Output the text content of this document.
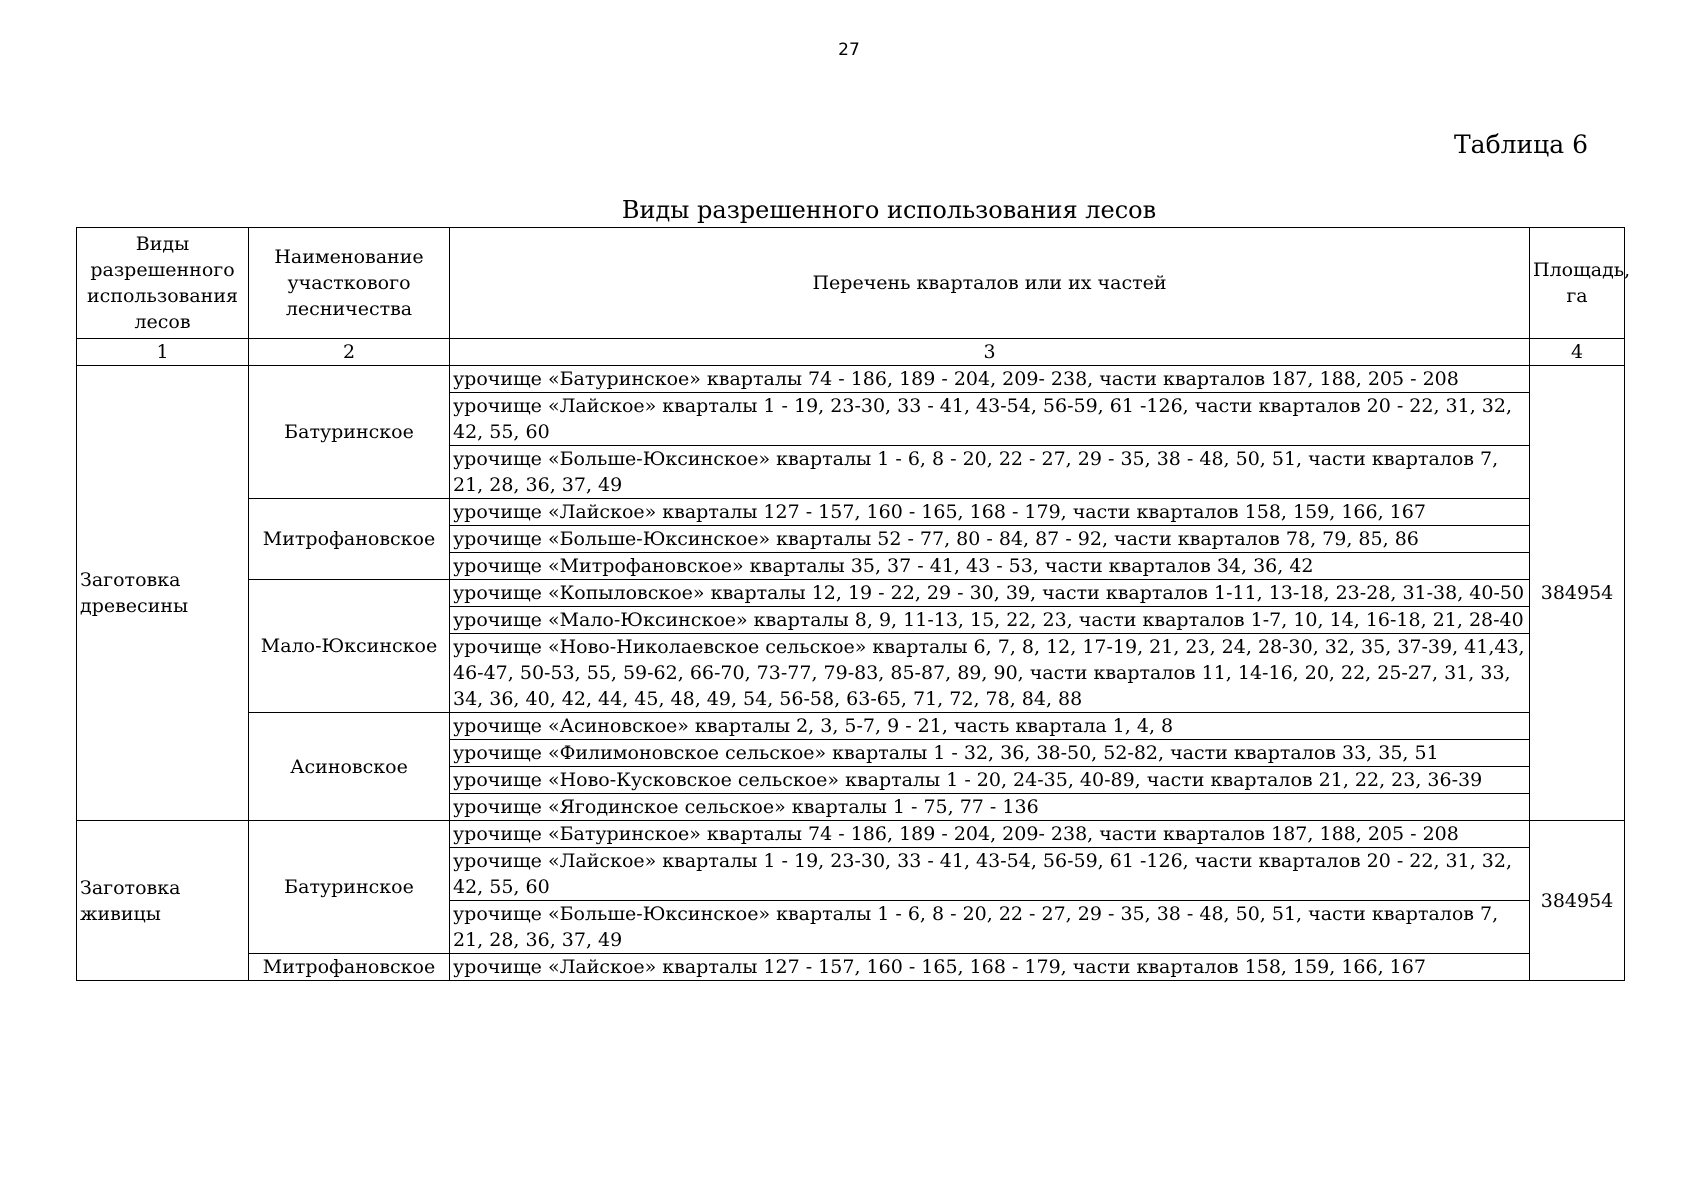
27
Таблица 6
Виды разрешенного использования лесов
Виды разрешенного использования лесов	Наименование участкового лесничества	Перечень кварталов или их частей	Площадь, га
1	2	3	4
Заготовка древесины	Батуринское	урочище «Батуринское» кварталы 74 - 186, 189 - 204, 209- 238, части кварталов 187, 188, 205 - 208	384954
		урочище «Лайское» кварталы 1 - 19, 23-30, 33 - 41, 43-54, 56-59, 61 -126, части кварталов 20 - 22, 31, 32, 42, 55, 60	
		урочище «Больше-Юксинское» кварталы 1 - 6, 8 - 20, 22 - 27, 29 - 35, 38 - 48, 50, 51, части кварталов 7, 21, 28, 36, 37, 49	
	Митрофановское	урочище «Лайское» кварталы 127 - 157, 160 - 165, 168 - 179, части кварталов 158, 159, 166, 167	
		урочище «Больше-Юксинское» кварталы 52 - 77, 80 - 84, 87 - 92, части кварталов 78, 79, 85, 86	
		урочище «Митрофановское» кварталы 35, 37 - 41, 43 - 53, части кварталов 34, 36, 42	
	Мало-Юксинское	урочище «Копыловское» кварталы 12, 19 - 22, 29 - 30, 39, части кварталов 1-11, 13-18, 23-28, 31-38, 40-50	
		урочище «Мало-Юксинское» кварталы 8, 9, 11-13, 15, 22, 23, части кварталов 1-7, 10, 14, 16-18, 21, 28-40	
		урочище «Ново-Николаевское сельское» кварталы 6, 7, 8, 12, 17-19, 21, 23, 24, 28-30, 32, 35, 37-39, 41,43, 46-47, 50-53, 55, 59-62, 66-70, 73-77, 79-83, 85-87, 89, 90, части кварталов 11, 14-16, 20, 22, 25-27, 31, 33, 34, 36, 40, 42, 44, 45, 48, 49, 54, 56-58, 63-65, 71, 72, 78, 84, 88	
	Асиновское	урочище «Асиновское» кварталы 2, 3, 5-7, 9 - 21, часть квартала 1, 4, 8	
		урочище «Филимоновское сельское» кварталы 1 - 32, 36, 38-50, 52-82, части кварталов 33, 35, 51	
		урочище «Ново-Кусковское сельское» кварталы 1 - 20, 24-35, 40-89, части кварталов 21, 22, 23, 36-39	
		урочище «Ягодинское сельское» кварталы 1 - 75, 77 - 136	
Заготовка живицы	Батуринское	урочище «Батуринское» кварталы 74 - 186, 189 - 204, 209- 238, части кварталов 187, 188, 205 - 208	384954
		урочище «Лайское» кварталы 1 - 19, 23-30, 33 - 41, 43-54, 56-59, 61 -126, части кварталов 20 - 22, 31, 32, 42, 55, 60	
		урочище «Больше-Юксинское» кварталы 1 - 6, 8 - 20, 22 - 27, 29 - 35, 38 - 48, 50, 51, части кварталов 7, 21, 28, 36, 37, 49	
	Митрофановское	урочище «Лайское» кварталы 127 - 157, 160 - 165, 168 - 179, части кварталов 158, 159, 166, 167	
